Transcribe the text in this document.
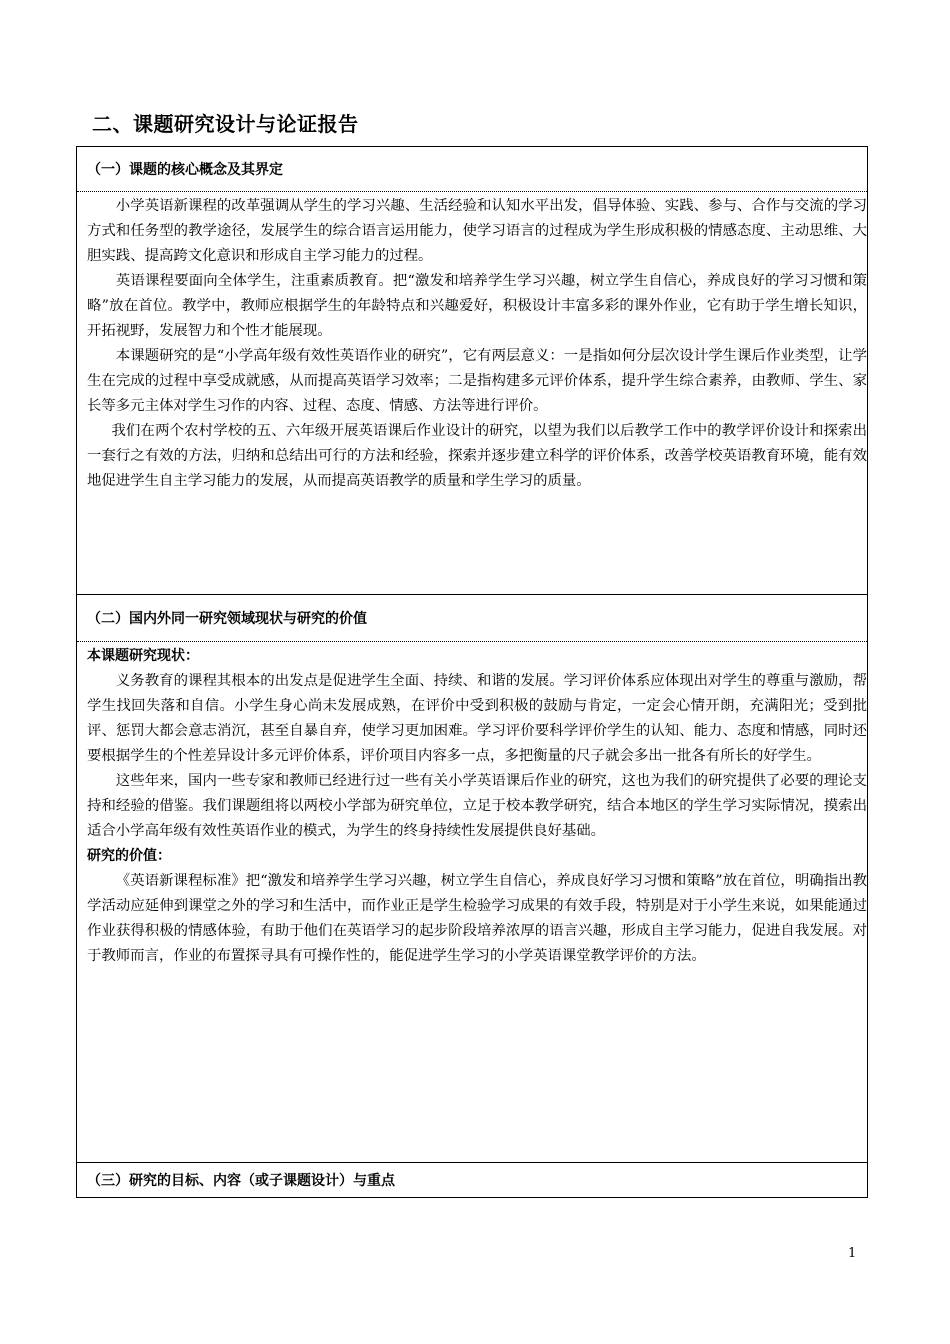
二、课题研究设计与论证报告
（一）课题的核心概念及其界定

小学英语新课程的改革强调从学生的学习兴趣、生活经验和认知水平出发，倡导体验、实践、参与、合作与交流的学习方式和任务型的教学途径，发展学生的综合语言运用能力，使学习语言的过程成为学生形成积极的情感态度、主动思维、大胆实践、提高跨文化意识和形成自主学习能力的过程。

英语课程要面向全体学生，注重素质教育。把“激发和培养学生学习兴趣，树立学生自信心，养成良好的学习习惯和策略”放在首位。教学中，教师应根据学生的年龄特点和兴趣爱好，积极设计丰富多彩的课外作业，它有助于学生增长知识，开拓视野，发展智力和个性才能展现。

本课题研究的是“小学高年级有效性英语作业的研究”，它有两层意义：一是指如何分层次设计学生课后作业类型，让学生在完成的过程中享受成就感，从而提高英语学习效率；二是指构建多元评价体系，提升学生综合素养，由教师、学生、家长等多元主体对学生习作的内容、过程、态度、情感、方法等进行评价。

我们在两个农村学校的五、六年级开展英语课后作业设计的研究，以望为我们以后教学工作中的教学评价设计和探索出一套行之有效的方法，归纳和总结出可行的方法和经验，探索并逐步建立科学的评价体系，改善学校英语教育环境，能有效地促进学生自主学习能力的发展，从而提高英语教学的质量和学生学习的质量。

（二）国内外同一研究领域现状与研究的价值

本课题研究现状：

义务教育的课程其根本的出发点是促进学生全面、持续、和谐的发展。学习评价体系应体现出对学生的尊重与激励，帮学生找回失落和自信。小学生身心尚未发展成熟，在评价中受到积极的鼓励与肯定，一定会心情开朗，充满阳光；受到批评、惩罚大都会意志消沉，甚至自暴自弃，使学习更加困难。学习评价要科学评价学生的认知、能力、态度和情感，同时还要根据学生的个性差异设计多元评价体系，评价项目内容多一点，多把衡量的尺子就会多出一批各有所长的好学生。

这些年来，国内一些专家和教师已经进行过一些有关小学英语课后作业的研究，这也为我们的研究提供了必要的理论支持和经验的借鉴。我们课题组将以两校小学部为研究单位，立足于校本教学研究，结合本地区的学生学习实际情况，摸索出适合小学高年级有效性英语作业的模式，为学生的终身持续性发展提供良好基础。

研究的价值：

《英语新课程标准》把“激发和培养学生学习兴趣，树立学生自信心，养成良好学习习惯和策略”放在首位，明确指出教学活动应延伸到课堂之外的学习和生活中，而作业正是学生检验学习成果的有效手段，特别是对于小学生来说，如果能通过作业获得积极的情感体验，有助于他们在英语学习的起步阶段培养浓厚的语言兴趣，形成自主学习能力，促进自我发展。对于教师而言，作业的布置探寻具有可操作性的，能促进学生学习的小学英语课堂教学评价的方法。

（三）研究的目标、内容（或子课题设计）与重点
1
